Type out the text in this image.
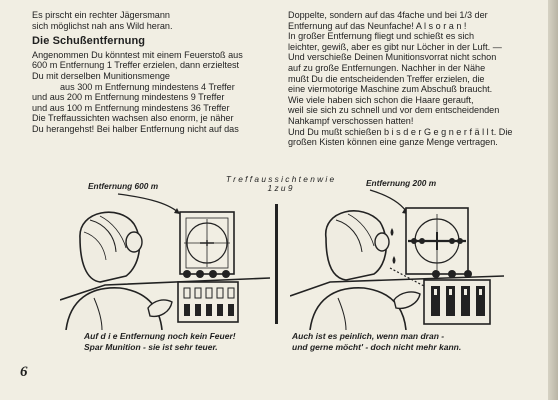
Es pirscht ein rechter Jägersmann

sich möglichst nah ans Wild heran.

Die Schußentfernung

Angenommen Du könntest mit einem Feuerstoß aus

600 m Entfernung 1 Treffer erzielen, dann erzieltest

Du mit derselben Munitionsmenge

aus 300 m Entfernung mindestens 4 Treffer

und aus 200 m Entfernung mindestens 9 Treffer

und aus 100 m Entfernung mindestens 36 Treffer

Die Treffaussichten wachsen also enorm, je näher

Du herangehst! Bei halber Entfernung nicht auf das

Doppelte, sondern auf das 4fache und bei 1/3 der

Entfernung auf das Neunfache! A l s o r a n !

In großer Entfernung fliegt und schießt es sich

leichter, gewiß, aber es gibt nur Löcher in der Luft. —

Und verschieße Deinen Munitionsvorrat nicht schon

auf zu große Entfernungen. Nachher in der Nähe

mußt Du die entscheidenden Treffer erzielen, die

eine viermotorige Maschine zum Abschuß braucht.

Wie viele haben sich schon die Haare gerauft,

weil sie sich zu schnell und vor dem entscheidenden

Nahkampf verschossen hatten!

Und Du mußt schießen b i s d e r G e g n e r f ä l l t. Die

großen Kisten können eine ganze Menge vertragen.

Entfernung 600 m	Entfernung 200 m
T r e f f a u s s i c h t e n w i e
1 z u 9
Auf d i e Entfernung noch kein Feuer!
Spar Munition - sie ist sehr teuer.
Auch ist es peinlich, wenn man dran -
und gerne möcht' - doch nicht mehr kann.
6
